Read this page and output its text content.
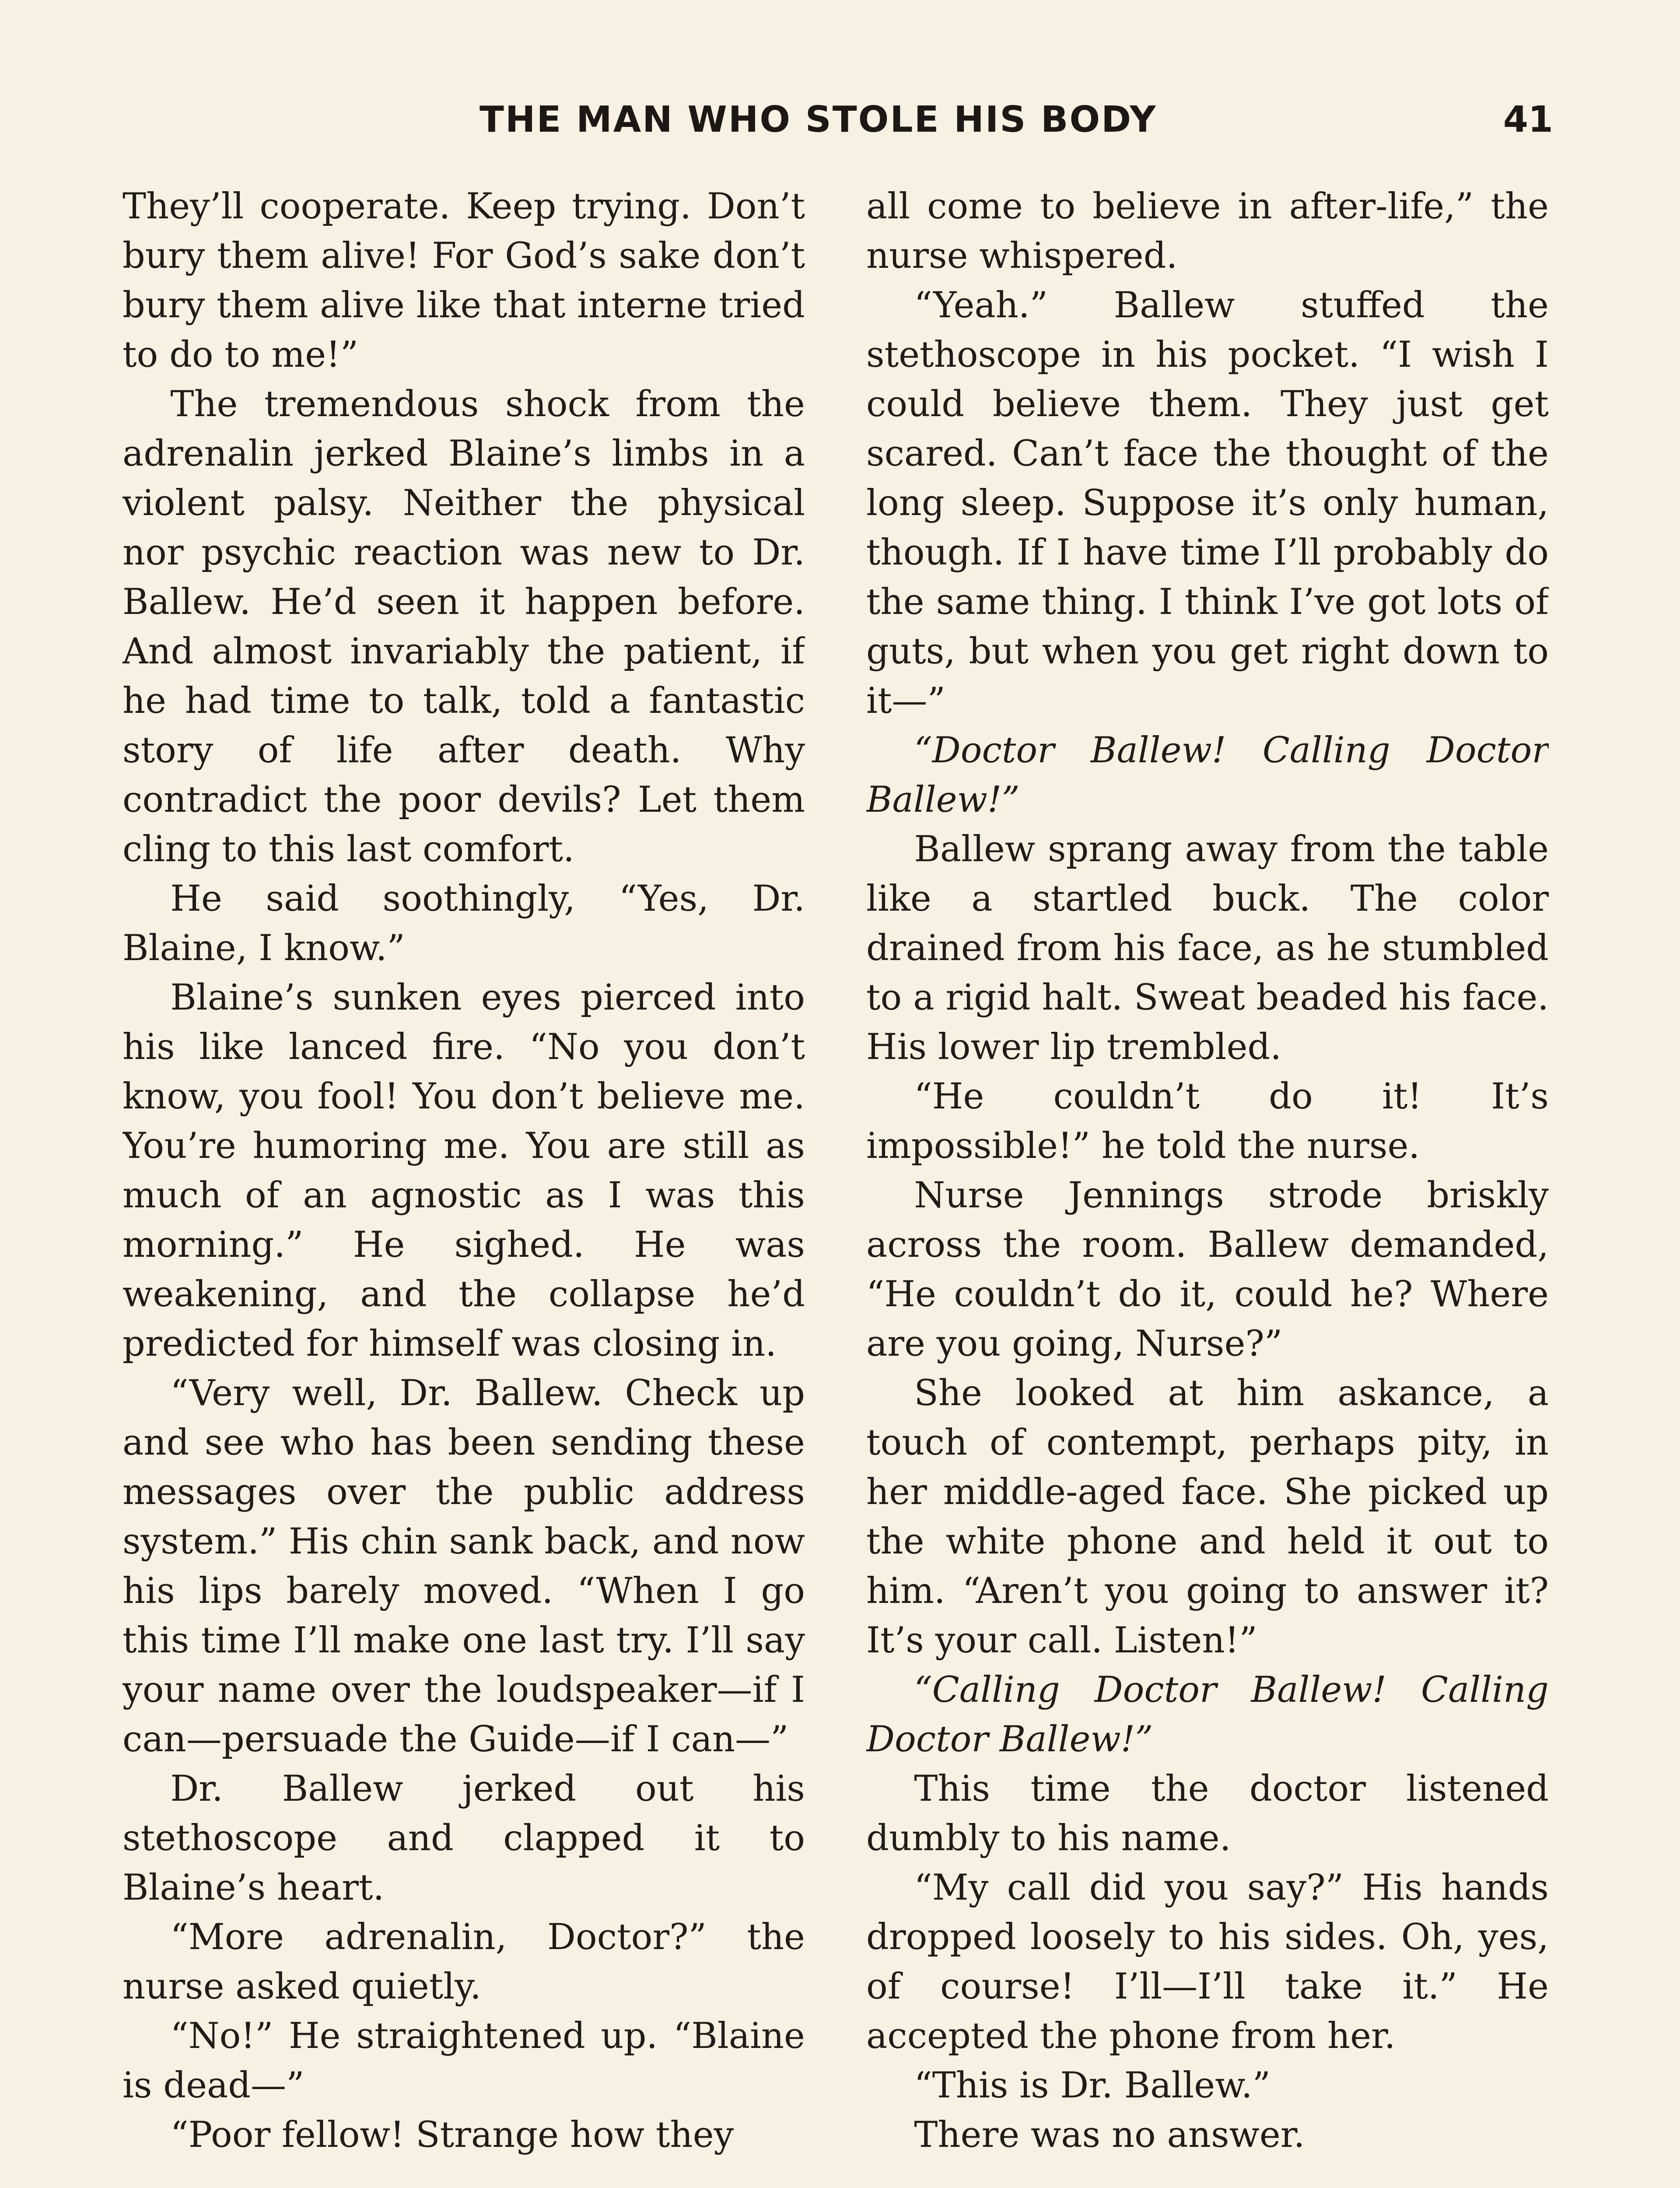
THE MAN WHO STOLE HIS BODY	41

They’ll cooperate. Keep trying. Don’t bury them alive! For God’s sake don’t bury them alive like that interne tried to do to me!”

The tremendous shock from the adrenalin jerked Blaine’s limbs in a violent palsy. Neither the physical nor psychic reaction was new to Dr. Ballew. He’d seen it happen before. And almost invariably the patient, if he had time to talk, told a fantastic story of life after death. Why contradict the poor devils? Let them cling to this last comfort.

He said soothingly, “Yes, Dr. Blaine, I know.”

Blaine’s sunken eyes pierced into his like lanced fire. “No you don’t know, you fool! You don’t believe me. You’re humoring me. You are still as much of an agnostic as I was this morning.” He sighed. He was weakening, and the collapse he’d predicted for himself was closing in.

“Very well, Dr. Ballew. Check up and see who has been sending these messages over the public address system.” His chin sank back, and now his lips barely moved. “When I go this time I’ll make one last try. I’ll say your name over the loudspeaker—if I can—persuade the Guide—if I can—”

Dr. Ballew jerked out his stethoscope and clapped it to Blaine’s heart.

“More adrenalin, Doctor?” the nurse asked quietly.

“No!” He straightened up. “Blaine is dead—”

“Poor fellow! Strange how they

all come to believe in after-life,” the nurse whispered.

“Yeah.” Ballew stuffed the stethoscope in his pocket. “I wish I could believe them. They just get scared. Can’t face the thought of the long sleep. Suppose it’s only human, though. If I have time I’ll probably do the same thing. I think I’ve got lots of guts, but when you get right down to it—”

“Doctor Ballew! Calling Doctor Ballew!”

Ballew sprang away from the table like a startled buck. The color drained from his face, as he stumbled to a rigid halt. Sweat beaded his face. His lower lip trembled.

“He couldn’t do it! It’s impossible!” he told the nurse.

Nurse Jennings strode briskly across the room. Ballew demanded, “He couldn’t do it, could he? Where are you going, Nurse?”

She looked at him askance, a touch of contempt, perhaps pity, in her middle-aged face. She picked up the white phone and held it out to him. “Aren’t you going to answer it? It’s your call. Listen!”

“Calling Doctor Ballew! Calling Doctor Ballew!”

This time the doctor listened dumbly to his name.

“My call did you say?” His hands dropped loosely to his sides. Oh, yes, of course! I’ll—I’ll take it.” He accepted the phone from her.

“This is Dr. Ballew.”

There was no answer.
